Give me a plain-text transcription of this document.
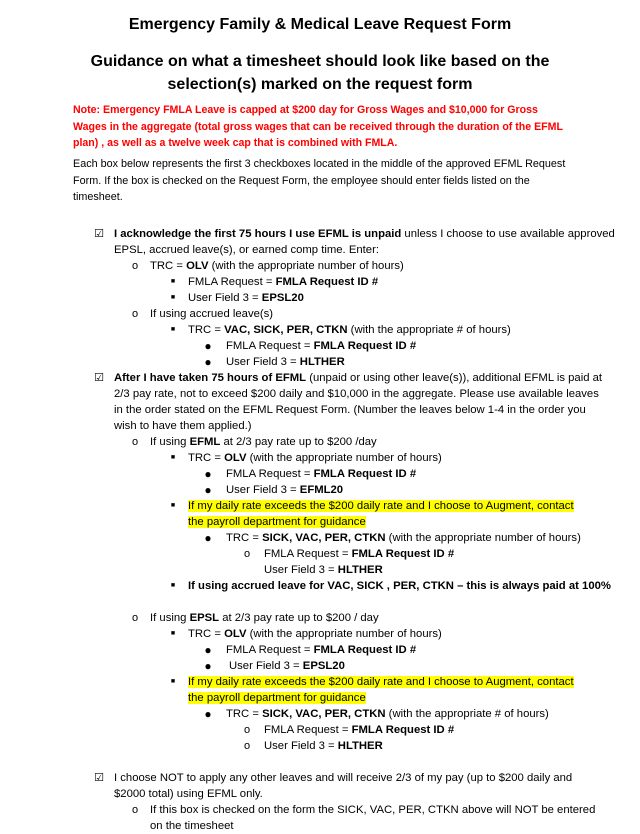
Emergency Family & Medical Leave Request Form
Guidance on what a timesheet should look like based on the
selection(s) marked on the request form
Note: Emergency FMLA Leave is capped at $200 day for Gross Wages and $10,000 for Gross Wages in the aggregate (total gross wages that can be received through the duration of the EFML plan) , as well as a twelve week cap that is combined with FMLA.
Each box below represents the first 3 checkboxes located in the middle of the approved EFML Request Form. If the box is checked on the Request Form, the employee should enter fields listed on the timesheet.
☑ I acknowledge the first 75 hours I use EFML is unpaid unless I choose to use available approved
EPSL, accrued leave(s), or earned comp time. Enter:
o TRC = OLV (with the appropriate number of hours)
■ FMLA Request = FMLA Request ID #
■ User Field 3 = EPSL20
o If using accrued leave(s)
■ TRC = VAC, SICK, PER, CTKN (with the appropriate # of hours)
● FMLA Request = FMLA Request ID #
● User Field 3 = HLTHER
☑ After I have taken 75 hours of EFML (unpaid or using other leave(s)), additional EFML is paid at
2/3 pay rate, not to exceed $200 daily and $10,000 in the aggregate. Please use available leaves
in the order stated on the EFML Request Form. (Number the leaves below 1-4 in the order you
wish to have them applied.)
o If using EFML at 2/3 pay rate up to $200 /day
■ TRC = OLV (with the appropriate number of hours)
● FMLA Request = FMLA Request ID #
● User Field 3 = EFML20
■ If my daily rate exceeds the $200 daily rate and I choose to Augment, contact
the payroll department for guidance
● TRC = SICK, VAC, PER, CTKN (with the appropriate number of hours)
o FMLA Request = FMLA Request ID #
User Field 3 = HLTHER
■ If using accrued leave for VAC, SICK , PER, CTKN – this is always paid at 100%
o If using EPSL at 2/3 pay rate up to $200 / day
■ TRC = OLV (with the appropriate number of hours)
● FMLA Request = FMLA Request ID #
● User Field 3 = EPSL20
■ If my daily rate exceeds the $200 daily rate and I choose to Augment, contact
the payroll department for guidance
● TRC = SICK, VAC, PER, CTKN (with the appropriate # of hours)
o FMLA Request = FMLA Request ID #
o User Field 3 = HLTHER
☑ I choose NOT to apply any other leaves and will receive 2/3 of my pay (up to $200 daily and
$2000 total) using EFML only.
o If this box is checked on the form the SICK, VAC, PER, CTKN above will NOT be entered
on the timesheet
